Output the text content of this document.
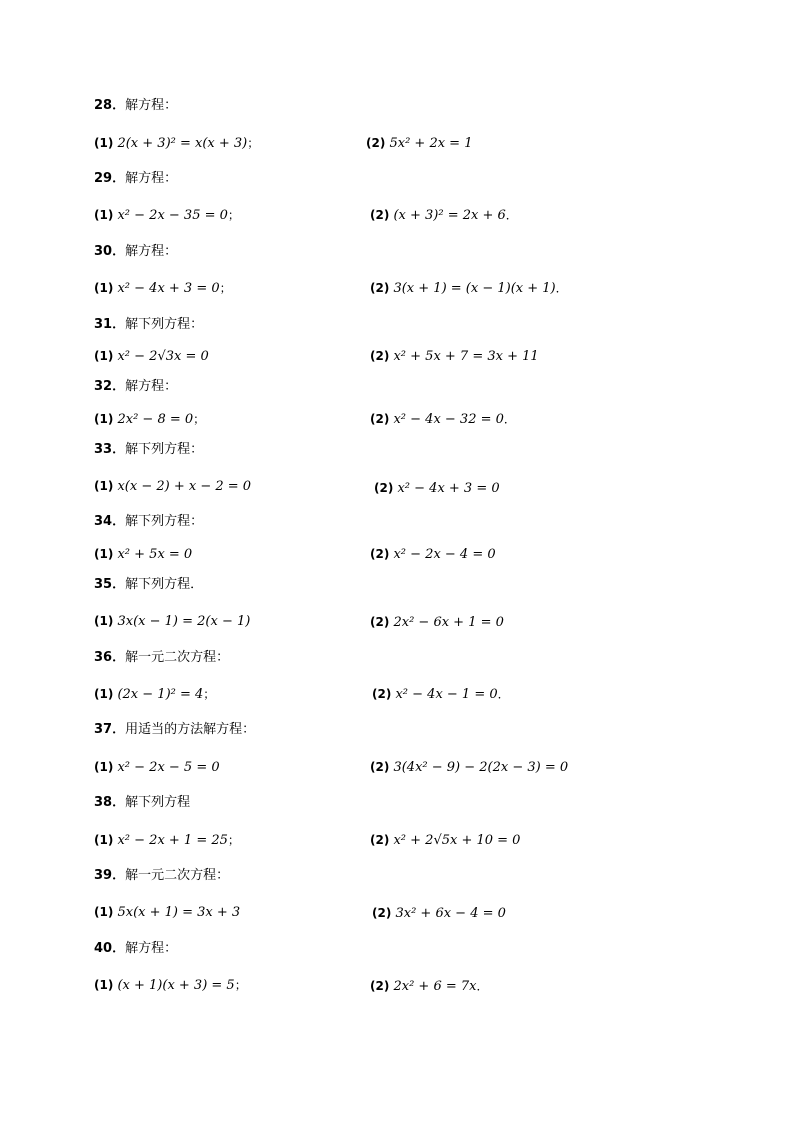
28．解方程：
(1) 2(x + 3)² = x(x + 3)；	(2) 5x² + 2x = 1
29．解方程：
(1) x² − 2x − 35 = 0；	(2) (x + 3)² = 2x + 6．
30．解方程：
(1) x² − 4x + 3 = 0；	(2) 3(x + 1) = (x − 1)(x + 1)．
31．解下列方程：
(1) x² − 2√3x = 0	(2) x² + 5x + 7 = 3x + 11
32．解方程：
(1) 2x² − 8 = 0；	(2) x² − 4x − 32 = 0．
33．解下列方程：
(1) x(x − 2) + x − 2 = 0	(2) x² − 4x + 3 = 0
34．解下列方程：
(1) x² + 5x = 0	(2) x² − 2x − 4 = 0
35．解下列方程．
(1) 3x(x − 1) = 2(x − 1)	(2) 2x² − 6x + 1 = 0
36．解一元二次方程：
(1) (2x − 1)² = 4；	(2) x² − 4x − 1 = 0．
37．用适当的方法解方程：
(1) x² − 2x − 5 = 0	(2) 3(4x² − 9) − 2(2x − 3) = 0
38．解下列方程
(1) x² − 2x + 1 = 25；	(2) x² + 2√5x + 10 = 0
39．解一元二次方程：
(1) 5x(x + 1) = 3x + 3	(2) 3x² + 6x − 4 = 0
40．解方程：
(1) (x + 1)(x + 3) = 5；	(2) 2x² + 6 = 7x．
